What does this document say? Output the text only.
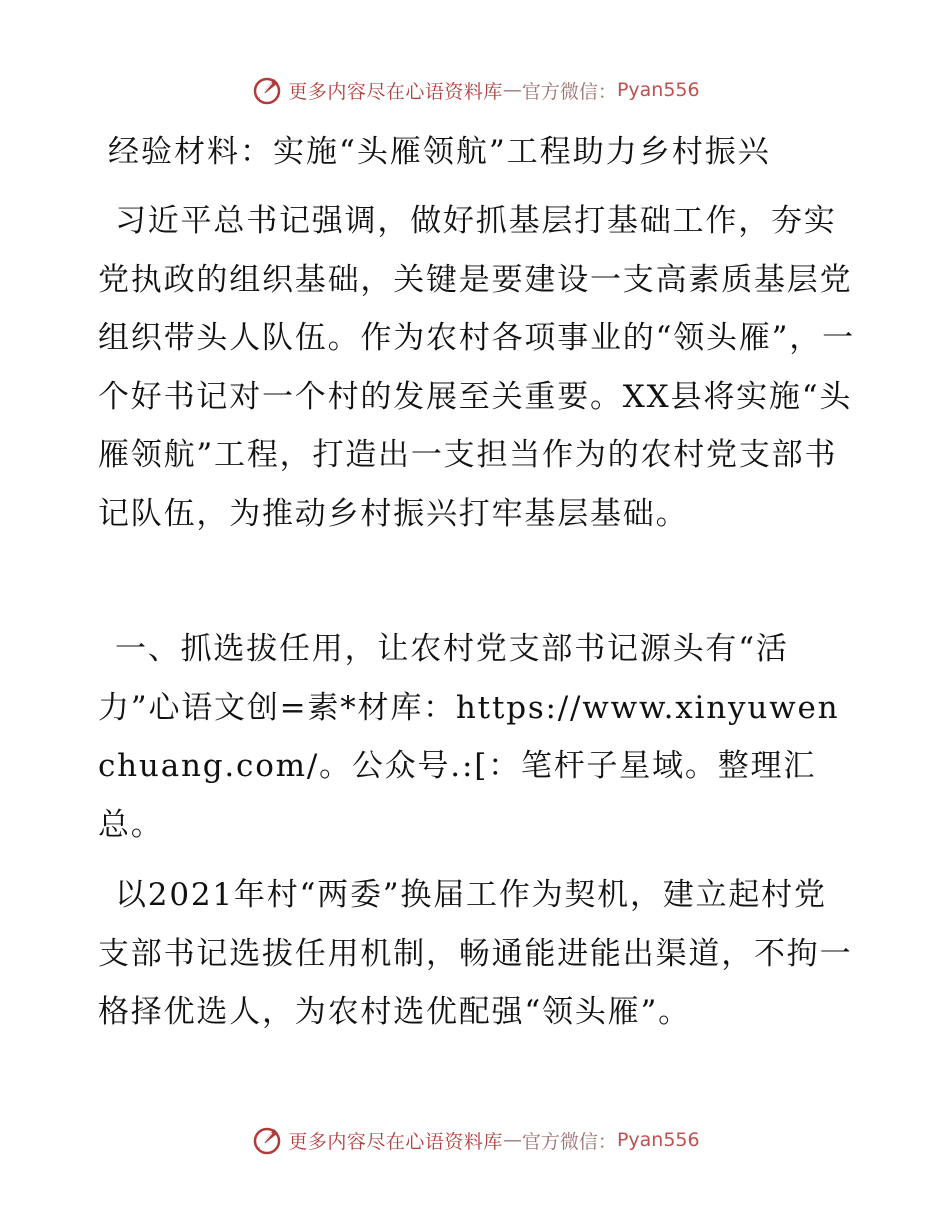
更多内容尽在心语资料库 — 官方微信： Pyan556
经验材料：实施“头雁领航”工程助力乡村振兴

习近平总书记强调，做好抓基层打基础工作，夯实党执政的组织基础，关键是要建设一支高素质基层党组织带头人队伍。作为农村各项事业的“领头雁”，一个好书记对一个村的发展至关重要。XX县将实施“头雁领航”工程，打造出一支担当作为的农村党支部书记队伍，为推动乡村振兴打牢基层基础。

一、抓选拔任用，让农村党支部书记源头有“活力”心语文创=素*材库：https://www.xinyuwenchuang.com/。公众号.:[：笔杆子星域。整理汇总。

以2021年村“两委”换届工作为契机，建立起村党支部书记选拔任用机制，畅通能进能出渠道，不拘一格择优选人，为农村选优配强“领头雁”。

更多内容尽在心语资料库 — 官方微信： Pyan556
